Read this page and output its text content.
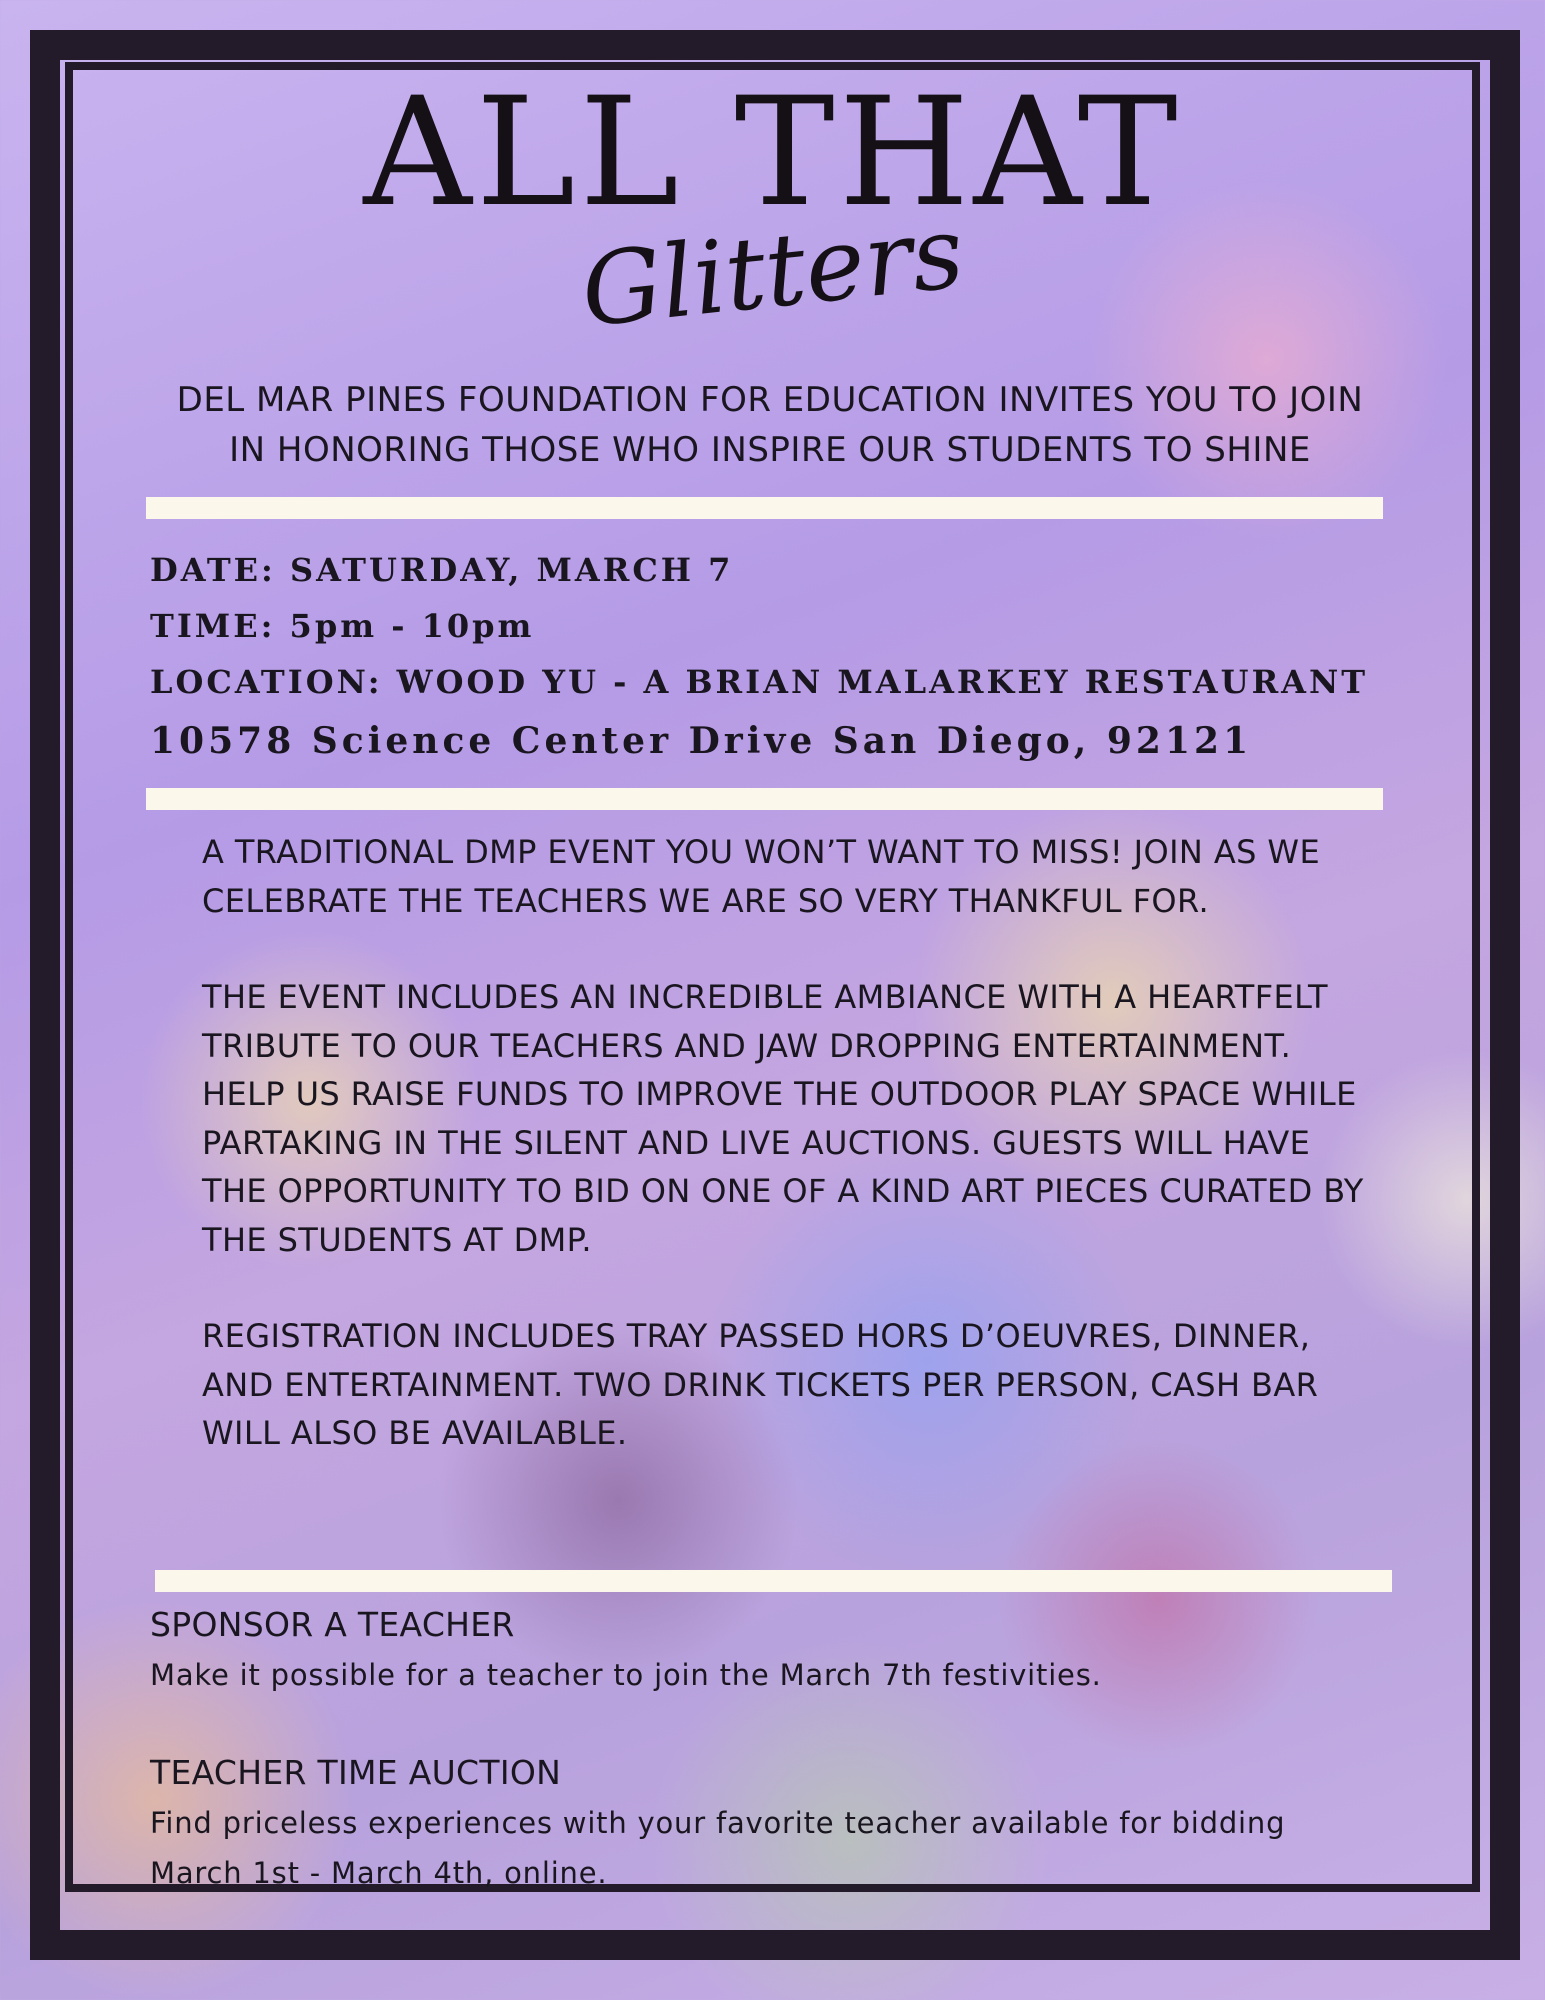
ALL THAT
Glitters
DEL MAR PINES FOUNDATION FOR EDUCATION INVITES YOU TO JOIN
IN HONORING THOSE WHO INSPIRE OUR STUDENTS TO SHINE
DATE: SATURDAY, MARCH 7
TIME: 5pm - 10pm
LOCATION: WOOD YU - A BRIAN MALARKEY RESTAURANT
10578 Science Center Drive San Diego, 92121

A TRADITIONAL DMP EVENT YOU WON’T WANT TO MISS! JOIN AS WE CELEBRATE THE TEACHERS WE ARE SO VERY THANKFUL FOR.

THE EVENT INCLUDES AN INCREDIBLE AMBIANCE WITH A HEARTFELT TRIBUTE TO OUR TEACHERS AND JAW DROPPING ENTERTAINMENT. HELP US RAISE FUNDS TO IMPROVE THE OUTDOOR PLAY SPACE WHILE PARTAKING IN THE SILENT AND LIVE AUCTIONS. GUESTS WILL HAVE THE OPPORTUNITY TO BID ON ONE OF A KIND ART PIECES CURATED BY THE STUDENTS AT DMP.

REGISTRATION INCLUDES TRAY PASSED HORS D’OEUVRES, DINNER, AND ENTERTAINMENT. TWO DRINK TICKETS PER PERSON, CASH BAR WILL ALSO BE AVAILABLE.

SPONSOR A TEACHER
Make it possible for a teacher to join the March 7th festivities.
TEACHER TIME AUCTION
Find priceless experiences with your favorite teacher available for bidding
March 1st - March 4th, online.
